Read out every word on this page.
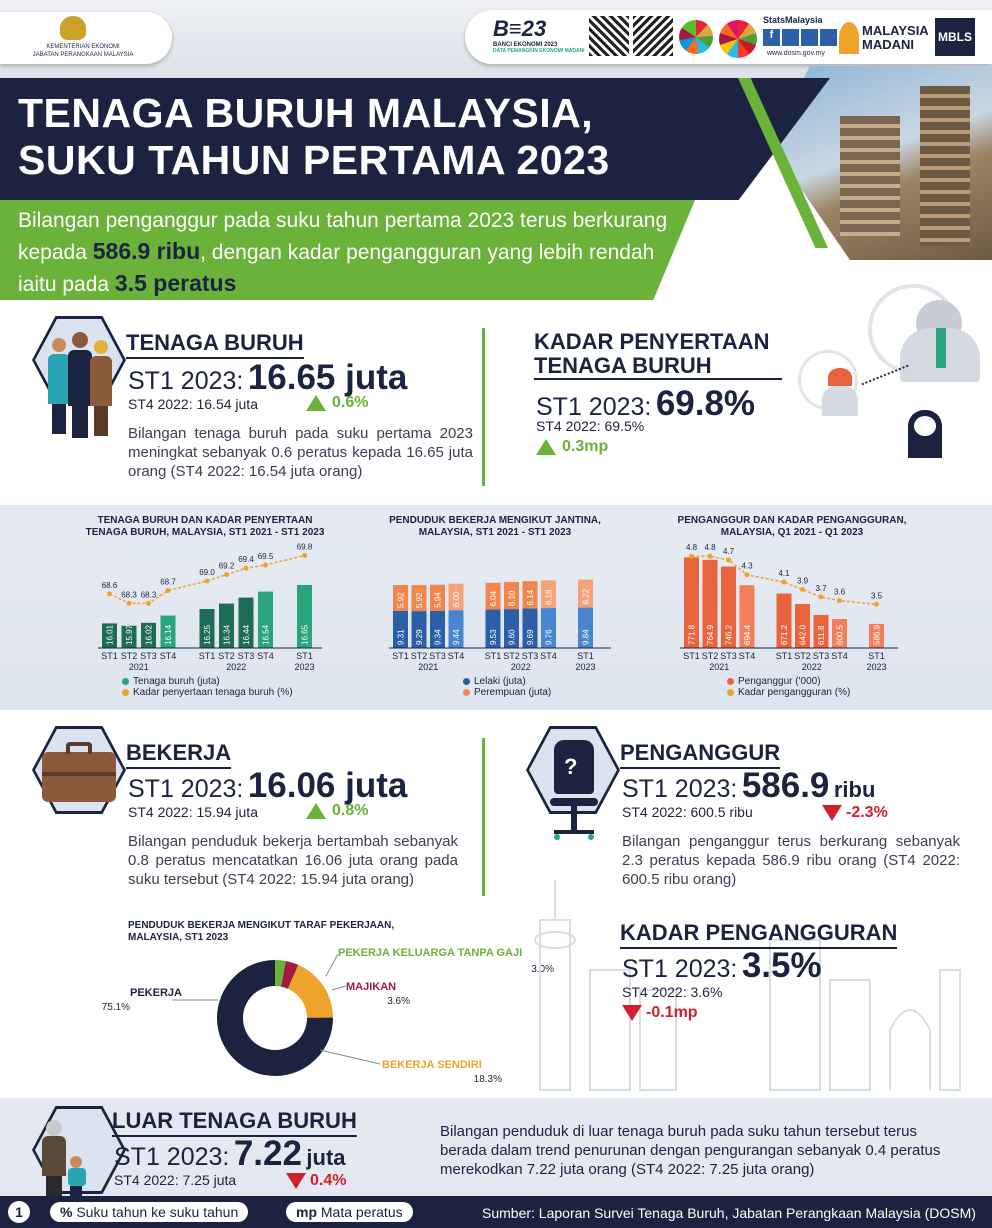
KEMENTERIAN EKONOMI
JABATAN PERANGKAAN MALAYSIA
B≡23
BANCI EKONOMI 2023
DATA PEMANGKIN EKONOMI MADANI
StatsMalaysia
f
www.dosm.gov.my
MALAYSIA MADANI	MBLS
TENAGA BURUH MALAYSIA,
SUKU TAHUN PERTAMA 2023
Bilangan penganggur pada suku tahun pertama 2023 terus berkurang kepada 586.9 ribu, dengan kadar pengangguran yang lebih rendah iaitu pada 3.5 peratus
TENAGA BURUH
ST1 2023: 16.65 juta
ST4 2022: 16.54 juta	0.6%
Bilangan tenaga buruh pada suku pertama 2023 meningkat sebanyak 0.6 peratus kepada 16.65 juta orang (ST4 2022: 16.54 juta orang)
KADAR PENYERTAAN
TENAGA BURUH
ST1 2023: 69.8%
ST4 2022: 69.5%
0.3mp
TENAGA BURUH DAN KADAR PENYERTAAN TENAGA BURUH, MALAYSIA, ST1 2021 - ST1 2023
16.01 15.97 16.02 16.14	16.25 16.34 16.44 16.54	16.65
68.6
68.3 68.3
68.7
69.0
69.2
69.4 69.5
69.8
ST1 ST2 ST3 ST4 ST1 ST2 ST3 ST4 ST1
2021	2022	2023
Tenaga buruh (juta)
Kadar penyertaan tenaga buruh (%)
PENDUDUK BEKERJA MENGIKUT JANTINA, MALAYSIA, ST1 2021 - ST1 2023
9.31
5.92
9.29
5.92
9.34
5.94
9.44
6.00
9.53
6.04
9.60
6.10
9.69
6.14
9.76
6.18
9.84
6.22
ST1 ST2 ST3 ST4 ST1 ST2 ST3 ST4 ST1
2021	2022	2023
Lelaki (juta)
Perempuan (juta)
PENGANGGUR DAN KADAR PENGANGGURAN, MALAYSIA, Q1 2021 - Q1 2023
771.8 764.9 746.2 694.4	671.2 642.0 611.8 600.5	586.9
4.8 4.8 4.7
4.3
4.1
3.9
3.7 3.6	3.5
ST1 ST2 ST3 ST4 ST1 ST2 ST3 ST4 ST1
2021	2022	2023
Penganggur ('000)
Kadar pengangguran (%)
BEKERJA
ST1 2023: 16.06 juta
ST4 2022: 15.94 juta	0.8%
Bilangan penduduk bekerja bertambah sebanyak 0.8 peratus mencatatkan 16.06 juta orang pada suku tersebut (ST4 2022: 15.94 juta orang)
PENDUDUK BEKERJA MENGIKUT TARAF PEKERJAAN, MALAYSIA, ST1 2023
PEKERJA
75.1%
BEKERJA SENDIRI
18.3%
MAJIKAN
3.6%
PEKERJA KELUARGA TANPA GAJI
3.0%
?
PENGANGGUR
ST1 2023: 586.9 ribu
ST4 2022: 600.5 ribu	-2.3%
Bilangan penganggur terus berkurang sebanyak 2.3 peratus kepada 586.9 ribu orang (ST4 2022: 600.5 ribu orang)
KADAR PENGANGGURAN
ST1 2023: 3.5%
ST4 2022: 3.6%
-0.1mp
LUAR TENAGA BURUH
ST1 2023: 7.22 juta
ST4 2022: 7.25 juta	0.4%
Bilangan penduduk di luar tenaga buruh pada suku tahun tersebut terus berada dalam trend penurunan dengan pengurangan sebanyak 0.4 peratus merekodkan 7.22 juta orang (ST4 2022: 7.25 juta orang)
1	% Suku tahun ke suku tahun	mp Mata peratus	Sumber: Laporan Survei Tenaga Buruh, Jabatan Perangkaan Malaysia (DOSM)
